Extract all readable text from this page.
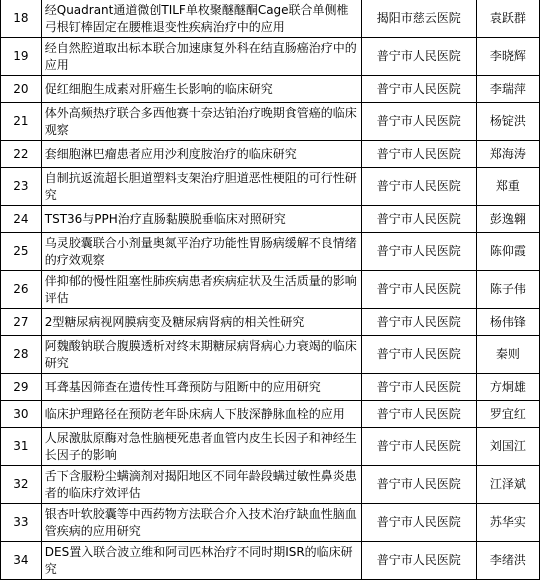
18	经Quadrant通道微创TILF单枚聚醚醚酮Cage联合单侧椎弓根钉棒固定在腰椎退变性疾病治疗中的应用	揭阳市慈云医院	袁跃群
19	经自然腔道取出标本联合加速康复外科在结直肠癌治疗中的应用	普宁市人民医院	李晓辉
20	促红细胞生成素对肝癌生长影响的临床研究	普宁市人民医院	李瑞萍
21	体外高频热疗联合多西他赛十奈达铂治疗晚期食管癌的临床观察	普宁市人民医院	杨锭洪
22	套细胞淋巴瘤患者应用沙利度胺治疗的临床研究	普宁市人民医院	郑海涛
23	自制抗返流超长胆道塑料支架治疗胆道恶性梗阻的可行性研究	普宁市人民医院	郑重
24	TST36与PPH治疗直肠黏膜脱垂临床对照研究	普宁市人民医院	彭逸翱
25	乌灵胶囊联合小剂量奥氮平治疗功能性胃肠病缓解不良情绪的疗效观察	普宁市人民医院	陈仰霞
26	伴抑郁的慢性阻塞性肺疾病患者疾病症状及生活质量的影响评估	普宁市人民医院	陈子伟
27	2型糖尿病视网膜病变及糖尿病肾病的相关性研究	普宁市人民医院	杨伟锋
28	阿魏酸钠联合腹膜透析对终末期糖尿病肾病心力衰竭的临床研究	普宁市人民医院	秦则
29	耳聋基因筛查在遗传性耳聋预防与阻断中的应用研究	普宁市人民医院	方炯雄
30	临床护理路径在预防老年卧床病人下肢深静脉血栓的应用	普宁市人民医院	罗宜红
31	人尿激肽原酶对急性脑梗死患者血管内皮生长因子和神经生长因子的影响	普宁市人民医院	刘国江
32	舌下含服粉尘螨滴剂对揭阳地区不同年龄段螨过敏性鼻炎患者的临床疗效评估	普宁市人民医院	江泽斌
33	银杏叶软胶囊等中西药物方法联合介入技术治疗缺血性脑血管疾病的应用研究	普宁市人民医院	苏华实
34	DES置入联合波立维和阿司匹林治疗不同时期ISR的临床研究	普宁市人民医院	李绪洪
